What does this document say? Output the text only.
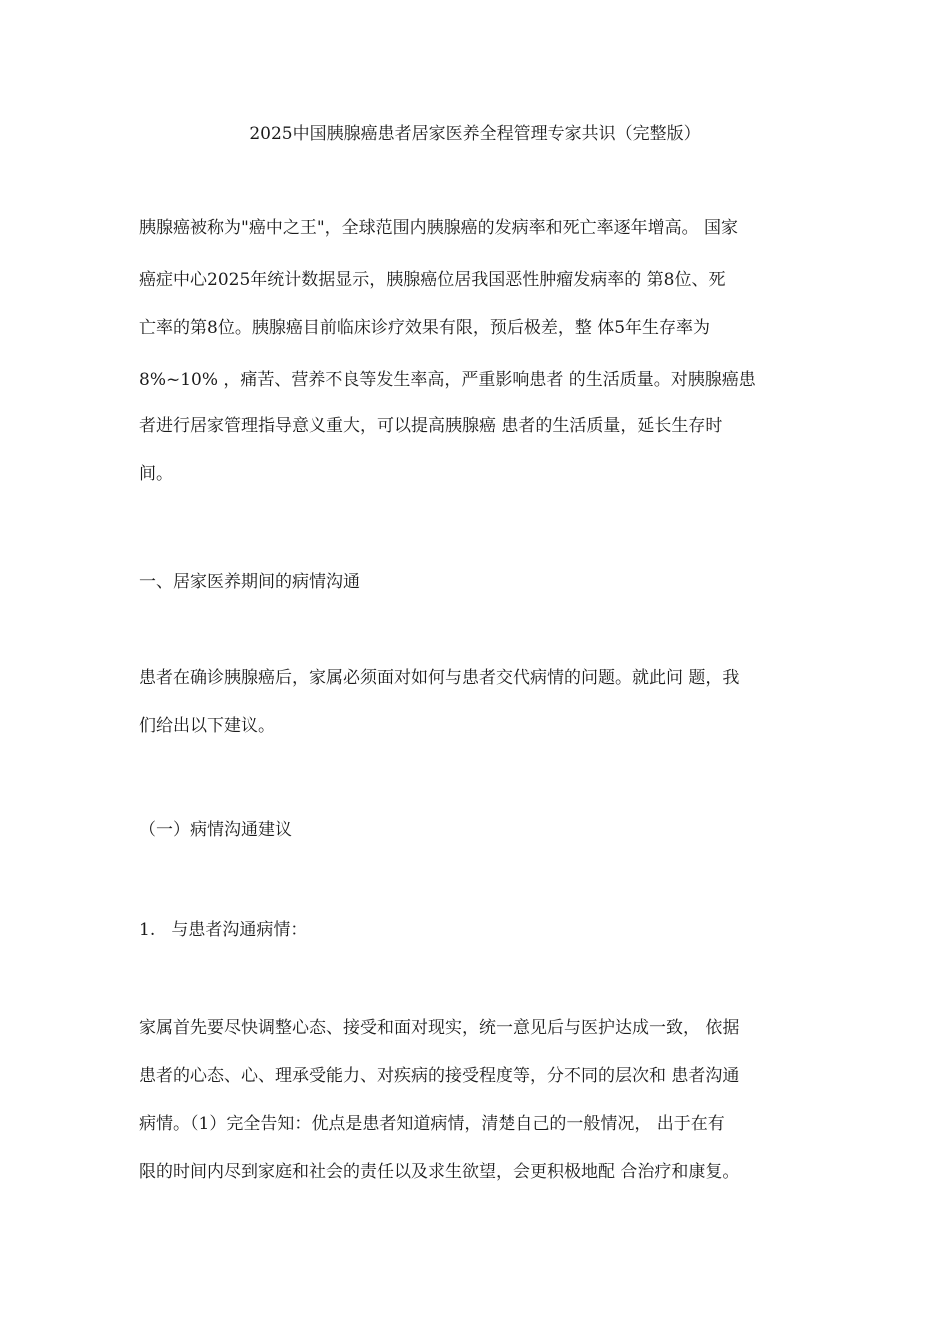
2025中国胰腺癌患者居家医养全程管理专家共识（完整版）
胰腺癌被称为"癌中之王"，全球范围内胰腺癌的发病率和死亡率逐年增高。 国家
癌症中心2025年统计数据显示，胰腺癌位居我国恶性肿瘤发病率的 第8位、死
亡率的第8位。胰腺癌目前临床诊疗效果有限，预后极差，整 体5年生存率为
8%~10% ，痛苦、营养不良等发生率高，严重影响患者 的生活质量。对胰腺癌患
者进行居家管理指导意义重大，可以提高胰腺癌 患者的生活质量，延长生存时
间。
一、居家医养期间的病情沟通
患者在确诊胰腺癌后，家属必须面对如何与患者交代病情的问题。就此问 题，我
们给出以下建议。
（一）病情沟通建议
1.   与患者沟通病情：
家属首先要尽快调整心态、接受和面对现实，统一意见后与医护达成一致， 依据
患者的心态、心、理承受能力、对疾病的接受程度等，分不同的层次和 患者沟通
病情。（1）完全告知：优点是患者知道病情，清楚自己的一般情况， 出于在有
限的时间内尽到家庭和社会的责任以及求生欲望，会更积极地配 合治疗和康复。
